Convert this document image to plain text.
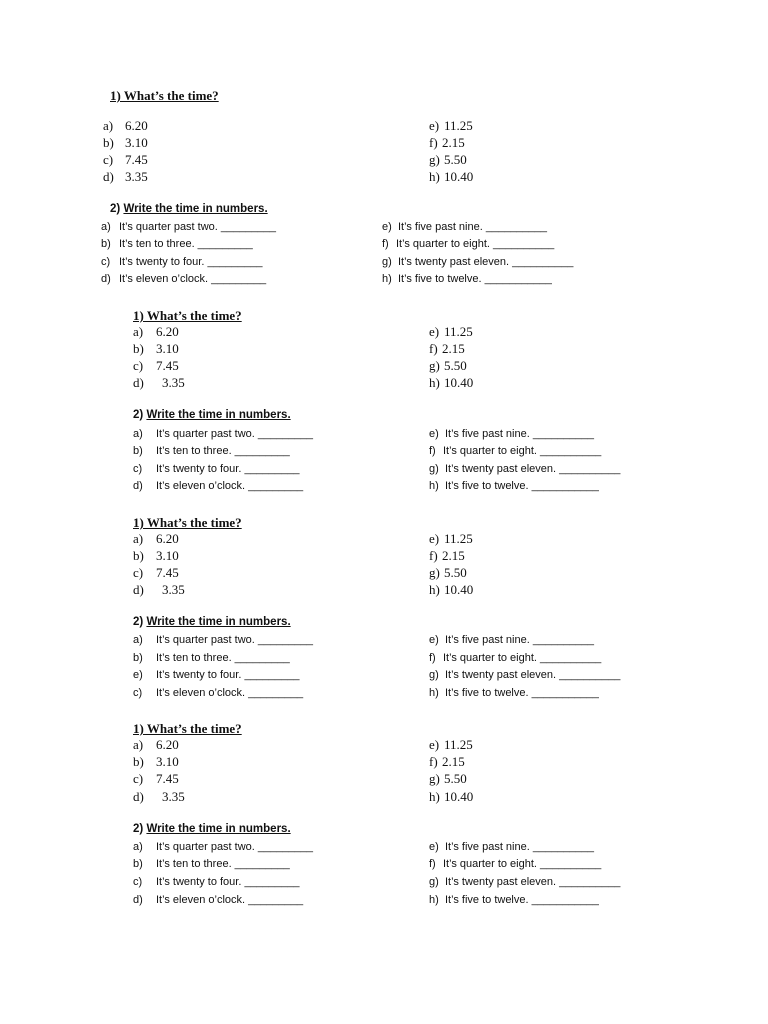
1) What’s the time?
a) 6.20
b) 3.10
c) 7.45
d) 3.35
e) 11.25
f) 2.15
g) 5.50
h) 10.40
2) Write the time in numbers.
a) It’s quarter past two. _________
b) It’s ten to three. _________
c) It’s twenty to four. _________
d) It’s eleven o’clock. _________
e) It’s five past nine. __________
f) It’s quarter to eight. __________
g) It’s twenty past eleven. __________
h) It’s five to twelve. ___________
1) What’s the time?
a) 6.20
b) 3.10
c) 7.45
d) 3.35
e) 11.25
f) 2.15
g) 5.50
h) 10.40
2) Write the time in numbers.
a) It’s quarter past two. _________
b) It’s ten to three. _________
c) It’s twenty to four. _________
d) It’s eleven o’clock. _________
e) It’s five past nine. __________
f) It’s quarter to eight. __________
g) It’s twenty past eleven. __________
h) It’s five to twelve. ___________
1) What’s the time?
a) 6.20
b) 3.10
c) 7.45
d) 3.35
e) 11.25
f) 2.15
g) 5.50
h) 10.40
2) Write the time in numbers.
a) It’s quarter past two. _________
b) It’s ten to three. _________
e) It’s twenty to four. _________
c) It’s eleven o’clock. _________
e) It’s five past nine. __________
f) It’s quarter to eight. __________
g) It’s twenty past eleven. __________
h) It’s five to twelve. ___________
1) What’s the time?
a) 6.20
b) 3.10
c) 7.45
d) 3.35
e) 11.25
f) 2.15
g) 5.50
h) 10.40
2) Write the time in numbers.
a) It’s quarter past two. _________
b) It’s ten to three. _________
c) It’s twenty to four. _________
d) It’s eleven o’clock. _________
e) It’s five past nine. __________
f) It’s quarter to eight. __________
g) It’s twenty past eleven. __________
h) It’s five to twelve. ___________
